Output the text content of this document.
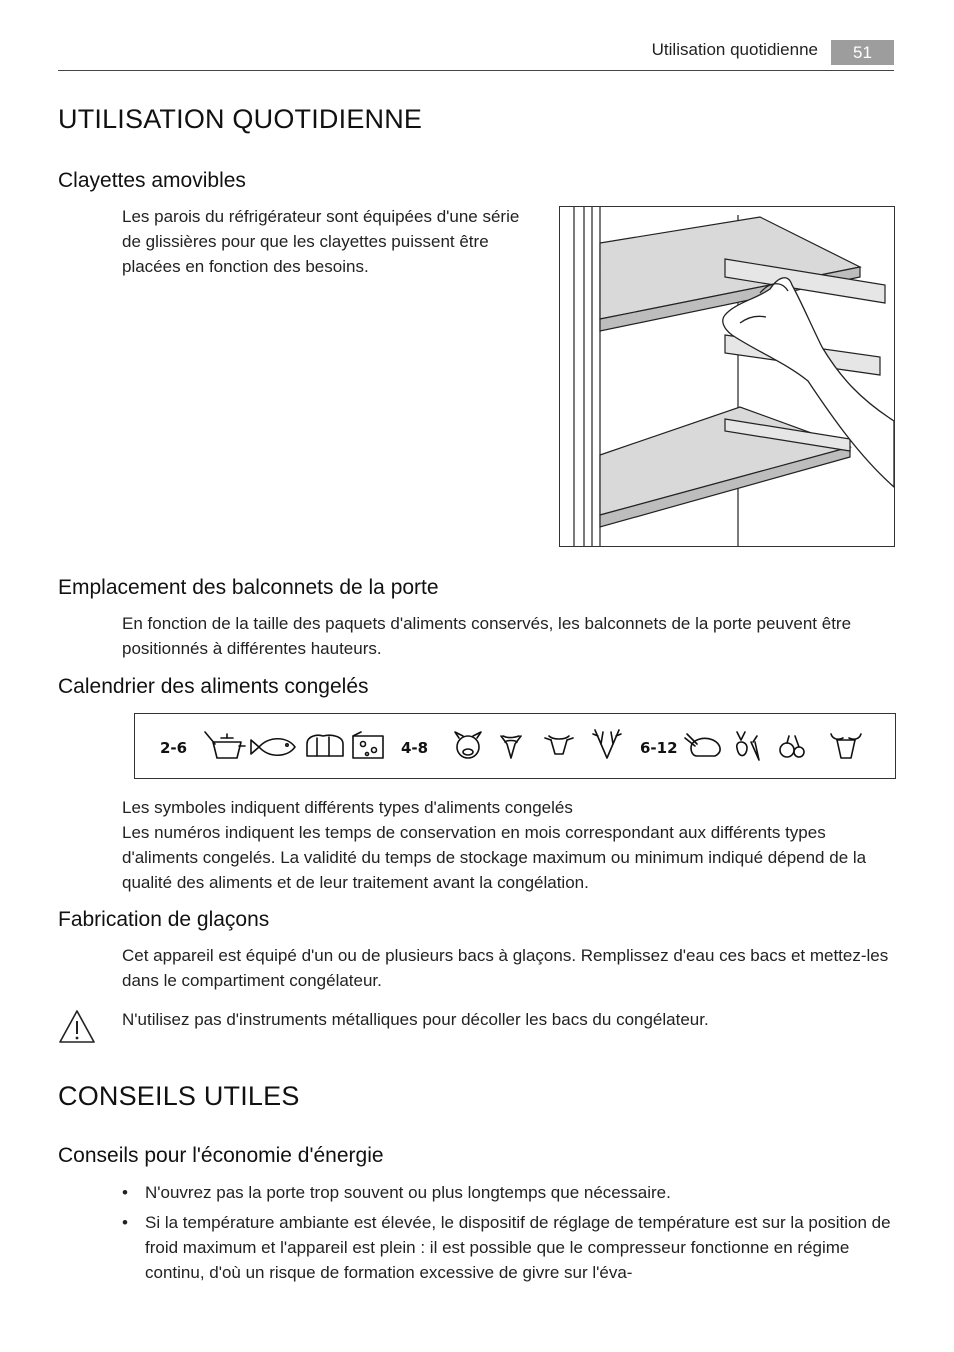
Utilisation quotidienne	51
UTILISATION QUOTIDIENNE
Clayettes amovibles
Les parois du réfrigérateur sont équipées d'une série de glissières pour que les clayettes puissent être placées en fonction des besoins.
Emplacement des balconnets de la porte
En fonction de la taille des paquets d'aliments conservés, les balconnets de la porte peuvent être positionnés à différentes hauteurs.
Calendrier des aliments congelés
2-6	4-8	6-12
Les symboles indiquent différents types d'aliments congelés
Les numéros indiquent les temps de conservation en mois correspondant aux différents types d'aliments congelés. La validité du temps de stockage maximum ou minimum indiqué dépend de la qualité des aliments et de leur traitement avant la congélation.
Fabrication de glaçons
Cet appareil est équipé d'un ou de plusieurs bacs à glaçons. Remplissez d'eau ces bacs et mettez-les dans le compartiment congélateur.
N'utilisez pas d'instruments métalliques pour décoller les bacs du congélateur.
CONSEILS UTILES
Conseils pour l'économie d'énergie
•	N'ouvrez pas la porte trop souvent ou plus longtemps que nécessaire.
•	Si la température ambiante est élevée, le dispositif de réglage de température est sur la position de froid maximum et l'appareil est plein : il est possible que le compresseur fonctionne en régime continu, d'où un risque de formation excessive de givre sur l'éva-
